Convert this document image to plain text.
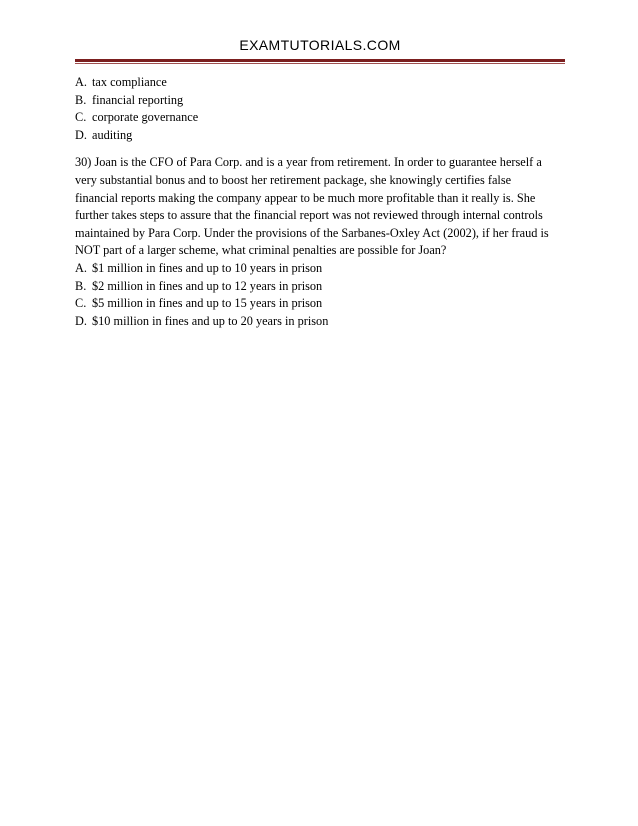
EXAMTUTORIALS.COM
A. tax compliance
B. financial reporting
C. corporate governance
D. auditing
30) Joan is the CFO of Para Corp. and is a year from retirement. In order to guarantee herself a
very substantial bonus and to boost her retirement package, she knowingly certifies false
financial reports making the company appear to be much more profitable than it really is. She
further takes steps to assure that the financial report was not reviewed through internal controls
maintained by Para Corp. Under the provisions of the Sarbanes-Oxley Act (2002), if her fraud is
NOT part of a larger scheme, what criminal penalties are possible for Joan?
A. $1 million in fines and up to 10 years in prison
B. $2 million in fines and up to 12 years in prison
C. $5 million in fines and up to 15 years in prison
D. $10 million in fines and up to 20 years in prison
